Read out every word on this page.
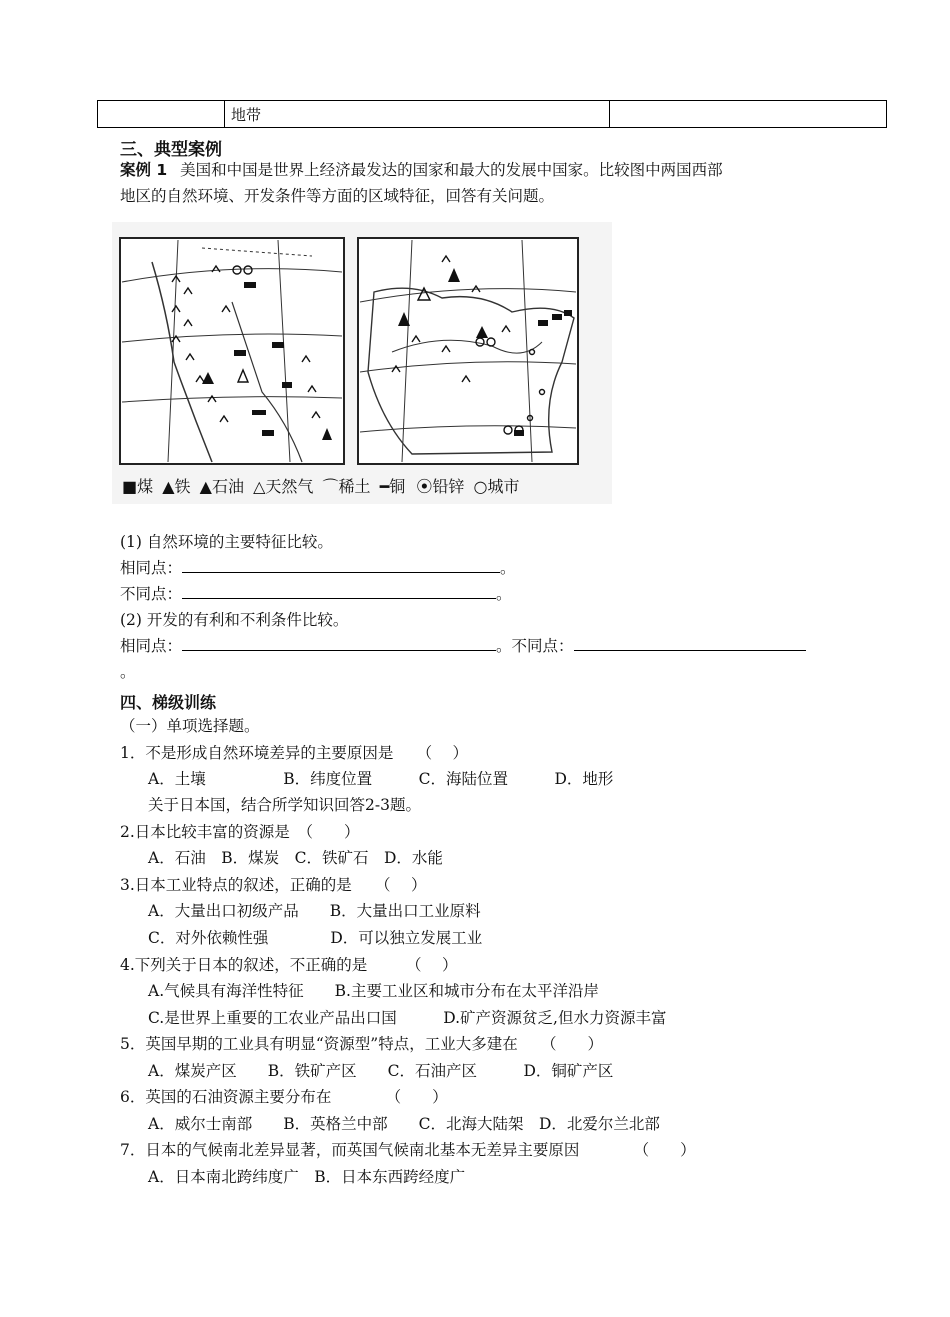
	地带	
三、典型案例
案例 1 美国和中国是世界上经济最发达的国家和最大的发展中国家。比较图中两国西部
地区的自然环境、开发条件等方面的区域特征，回答有关问题。
■煤 ▲铁 ▲石油 △天然气 ⌒稀土 ━铜 ⦿铅锌 ○城市
(1) 自然环境的主要特征比较。
相同点：	。
不同点：	。
(2) 开发的有利和不利条件比较。
相同点：	。不同点：
。
四、梯级训练
（一）单项选择题。
1．不是形成自然环境差异的主要原因是　　（　 ）
A．土壤　　　　　B．纬度位置　　　C．海陆位置　　　D．地形
关于日本国，结合所学知识回答2-3题。
2.日本比较丰富的资源是　（　　）
A．石油　B．煤炭　C．铁矿石　D．水能
3.日本工业特点的叙述，正确的是　　（　 ）
A．大量出口初级产品　　B．大量出口工业原料
C．对外依赖性强　　　　D．可以独立发展工业
4.下列关于日本的叙述，不正确的是　　　（　 ）
A.气候具有海洋性特征　　B.主要工业区和城市分布在太平洋沿岸
C.是世界上重要的工农业产品出口国　　　D.矿产资源贫乏,但水力资源丰富
5．英国早期的工业具有明显“资源型”特点，工业大多建在　　（　　）
A．煤炭产区　　B．铁矿产区　　C．石油产区　　　D．铜矿产区
6．英国的石油资源主要分布在　　　　（　　）
A．威尔士南部　　B．英格兰中部　　C．北海大陆架　D．北爱尔兰北部
7．日本的气候南北差异显著，而英国气候南北基本无差异主要原因　　　　（　　）
A．日本南北跨纬度广　B．日本东西跨经度广
